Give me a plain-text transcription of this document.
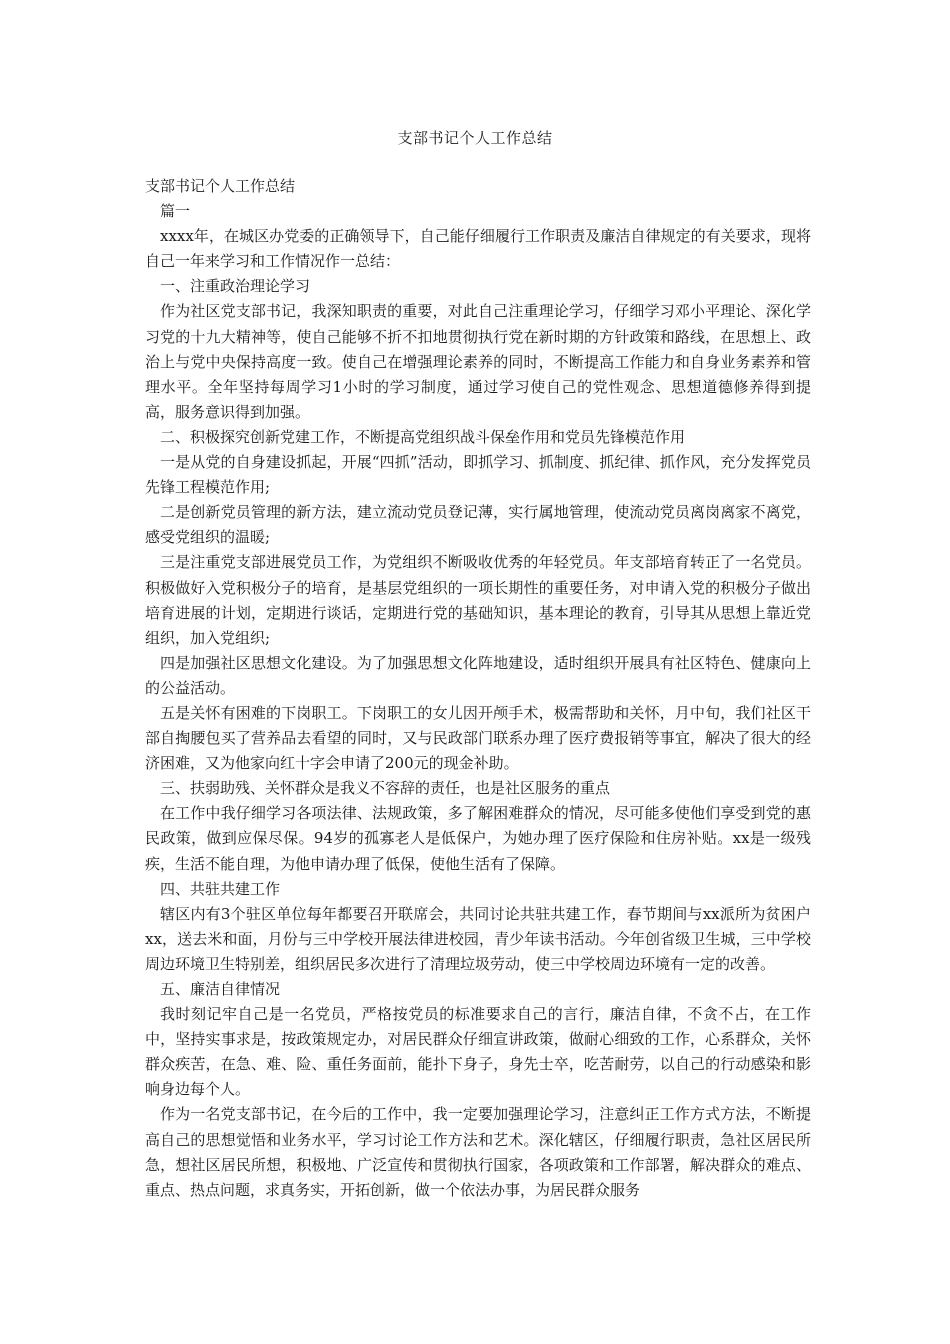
支部书记个人工作总结

支部书记个人工作总结

篇一

xxxx年，在城区办党委的正确领导下，自己能仔细履行工作职责及廉洁自律规定的有关要求，现将自己一年来学习和工作情况作一总结：

一、注重政治理论学习

作为社区党支部书记，我深知职责的重要，对此自己注重理论学习，仔细学习邓小平理论、深化学习党的十九大精神等，使自己能够不折不扣地贯彻执行党在新时期的方针政策和路线，在思想上、政治上与党中央保持高度一致。使自己在增强理论素养的同时，不断提高工作能力和自身业务素养和管理水平。全年坚持每周学习1小时的学习制度，通过学习使自己的党性观念、思想道德修养得到提高，服务意识得到加强。

二、积极探究创新党建工作，不断提高党组织战斗保垒作用和党员先锋模范作用

一是从党的自身建设抓起，开展“四抓”活动，即抓学习、抓制度、抓纪律、抓作风，充分发挥党员先锋工程模范作用;

二是创新党员管理的新方法，建立流动党员登记薄，实行属地管理，使流动党员离岗离家不离党，感受党组织的温暖;

三是注重党支部进展党员工作，为党组织不断吸收优秀的年轻党员。年支部培育转正了一名党员。积极做好入党积极分子的培育，是基层党组织的一项长期性的重要任务，对申请入党的积极分子做出培育进展的计划，定期进行谈话，定期进行党的基础知识，基本理论的教育，引导其从思想上靠近党组织，加入党组织;

四是加强社区思想文化建设。为了加强思想文化阵地建设，适时组织开展具有社区特色、健康向上的公益活动。

五是关怀有困难的下岗职工。下岗职工的女儿因开颅手术，极需帮助和关怀，月中旬，我们社区干部自掏腰包买了营养品去看望的同时，又与民政部门联系办理了医疗费报销等事宜，解决了很大的经济困难，又为他家向红十字会申请了200元的现金补助。

三、扶弱助残、关怀群众是我义不容辞的责任，也是社区服务的重点

在工作中我仔细学习各项法律、法规政策，多了解困难群众的情况，尽可能多使他们享受到党的惠民政策，做到应保尽保。94岁的孤寡老人是低保户，为她办理了医疗保险和住房补贴。xx是一级残疾，生活不能自理，为他申请办理了低保，使他生活有了保障。

四、共驻共建工作

辖区内有3个驻区单位每年都要召开联席会，共同讨论共驻共建工作，春节期间与xx派所为贫困户xx，送去米和面，月份与三中学校开展法律进校园，青少年读书活动。今年创省级卫生城，三中学校周边环境卫生特别差，组织居民多次进行了清理垃圾劳动，使三中学校周边环境有一定的改善。

五、廉洁自律情况

我时刻记牢自己是一名党员，严格按党员的标准要求自己的言行，廉洁自律，不贪不占，在工作中，坚持实事求是，按政策规定办，对居民群众仔细宣讲政策，做耐心细致的工作，心系群众，关怀群众疾苦，在急、难、险、重任务面前，能扑下身子，身先士卒，吃苦耐劳，以自己的行动感染和影响身边每个人。

作为一名党支部书记，在今后的工作中，我一定要加强理论学习，注意纠正工作方式方法，不断提高自己的思想觉悟和业务水平，学习讨论工作方法和艺术。深化辖区，仔细履行职责，急社区居民所急，想社区居民所想，积极地、广泛宣传和贯彻执行国家，各项政策和工作部署，解决群众的难点、重点、热点问题，求真务实，开拓创新，做一个依法办事，为居民群众服务
